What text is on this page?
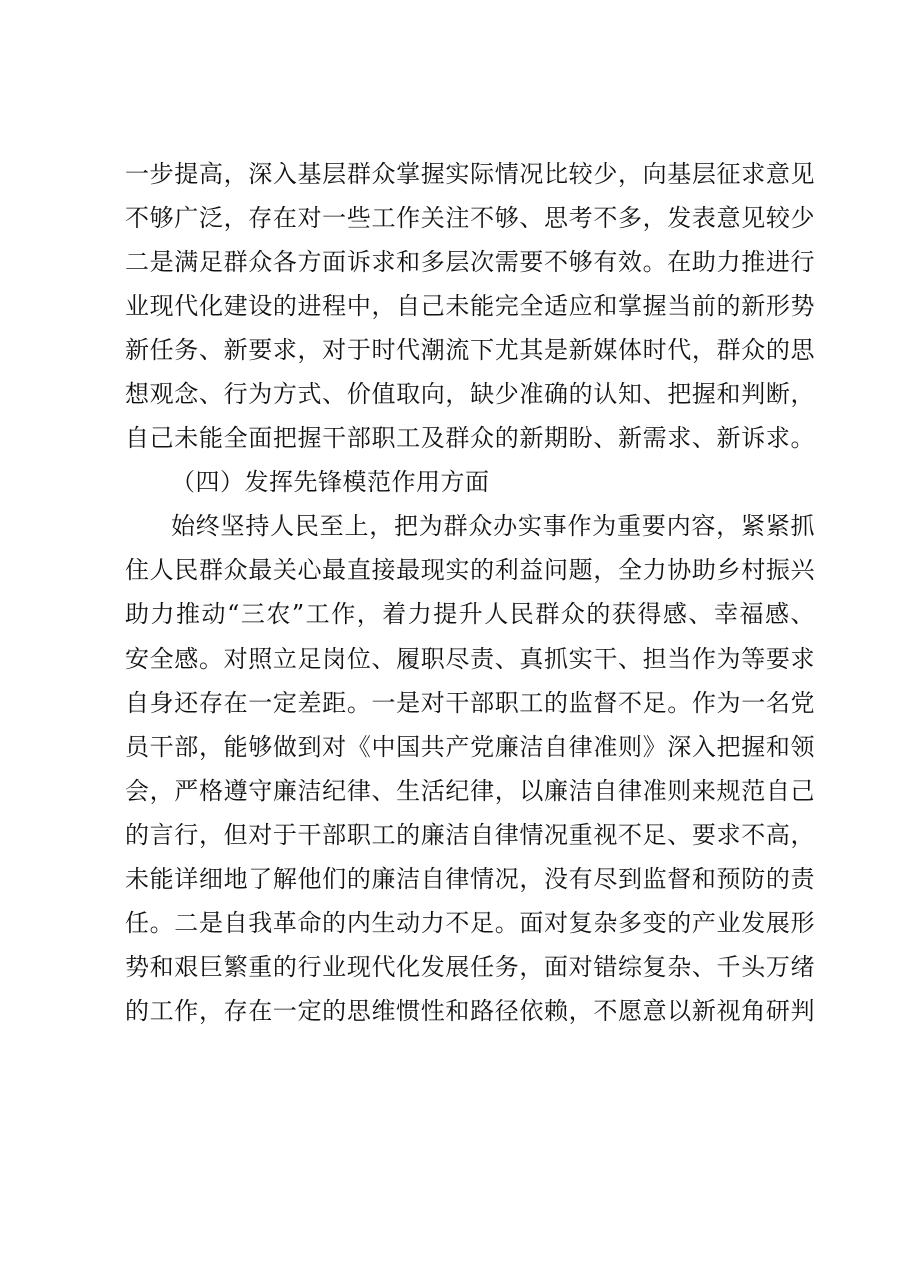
一步提高，深入基层群众掌握实际情况比较少，向基层征求意见
不够广泛，存在对一些工作关注不够、思考不多，发表意见较少
二是满足群众各方面诉求和多层次需要不够有效。在助力推进行
业现代化建设的进程中，自己未能完全适应和掌握当前的新形势
新任务、新要求，对于时代潮流下尤其是新媒体时代，群众的思
想观念、行为方式、价值取向，缺少准确的认知、把握和判断，
自己未能全面把握干部职工及群众的新期盼、新需求、新诉求。
（四）发挥先锋模范作用方面
始终坚持人民至上，把为群众办实事作为重要内容，紧紧抓
住人民群众最关心最直接最现实的利益问题，全力协助乡村振兴
助力推动“三农”工作，着力提升人民群众的获得感、幸福感、
安全感。对照立足岗位、履职尽责、真抓实干、担当作为等要求
自身还存在一定差距。一是对干部职工的监督不足。作为一名党
员干部，能够做到对《中国共产党廉洁自律准则》深入把握和领
会，严格遵守廉洁纪律、生活纪律，以廉洁自律准则来规范自己
的言行，但对于干部职工的廉洁自律情况重视不足、要求不高，
未能详细地了解他们的廉洁自律情况，没有尽到监督和预防的责
任。二是自我革命的内生动力不足。面对复杂多变的产业发展形
势和艰巨繁重的行业现代化发展任务，面对错综复杂、千头万绪
的工作，存在一定的思维惯性和路径依赖，不愿意以新视角研判
